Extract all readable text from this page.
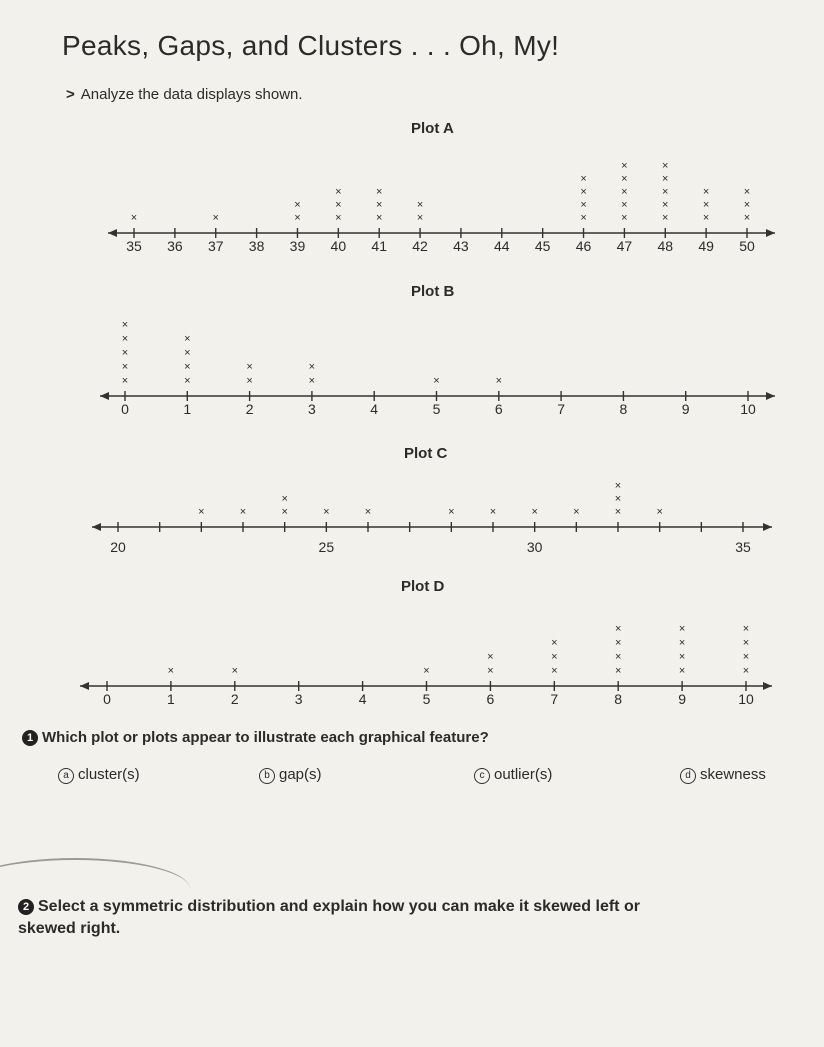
Peaks, Gaps, and Clusters . . . Oh, My!
> Analyze the data displays shown.
Plot A
35 36 37 38 39 40 41 42 43 44 45 46 47 48 49 50
×	×	×
×
×
×
×
×
×
×
×
×
×
×
×
×
×
×
×
×
×
×
×
×
×
×
×
×
×
×
×
×
Plot B
0	1	2	3	4	5	6	7	8	9	10
×
×
×
×
×
×
×
×
×
×
×
×
×
×	×
Plot C
20	25	30	35
×	×	×
×
×	×	×	×	×	×	×
×
×
×
Plot D
0	1	2	3	4	5	6	7	8	9	10
×	×	×	×
×
×
×
×
×
×
×
×
×
×
×
×
×
×
×
×
1 Which plot or plots appear to illustrate each graphical feature?
a cluster(s)	b gap(s)	c outlier(s)	d skewness
2 Select a symmetric distribution and explain how you can make it skewed left or
skewed right.
